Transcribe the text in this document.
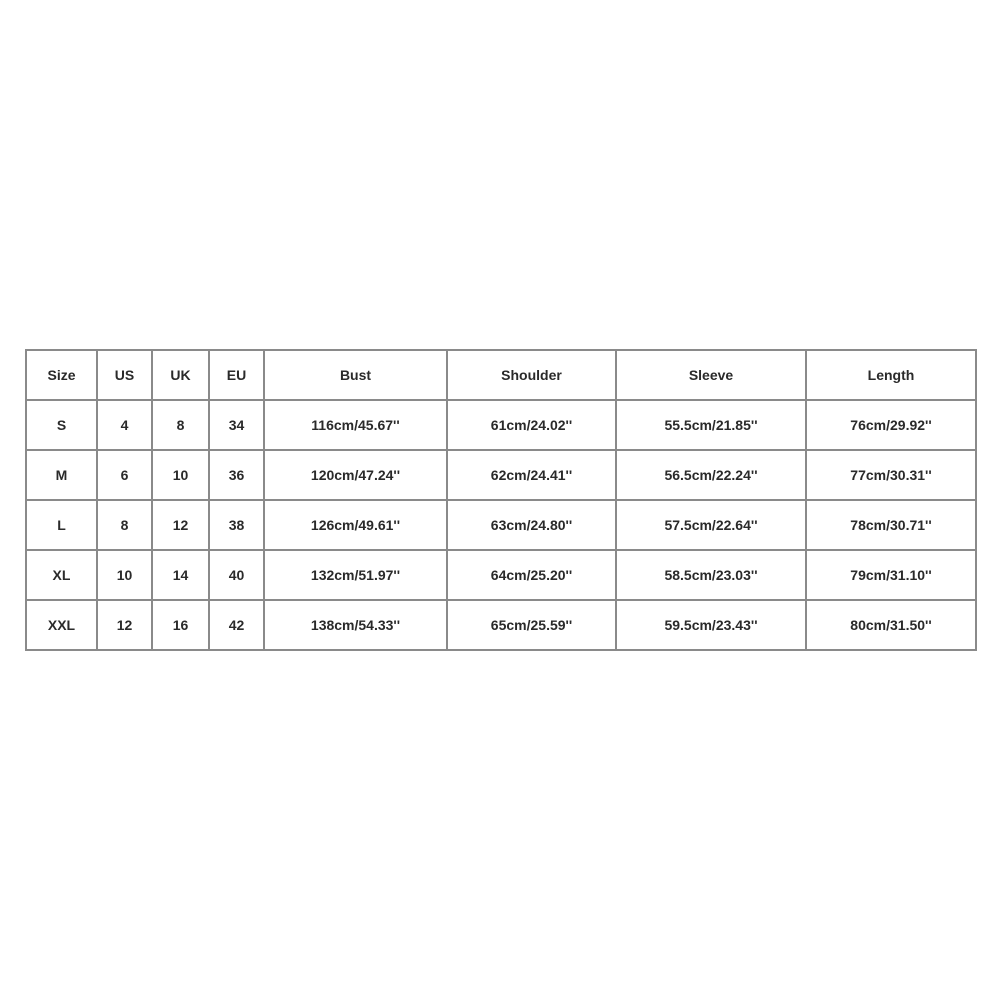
Size	US	UK	EU	Bust	Shoulder	Sleeve	Length
S	4	8	34	116cm/45.67''	61cm/24.02''	55.5cm/21.85''	76cm/29.92''
M	6	10	36	120cm/47.24''	62cm/24.41''	56.5cm/22.24''	77cm/30.31''
L	8	12	38	126cm/49.61''	63cm/24.80''	57.5cm/22.64''	78cm/30.71''
XL	10	14	40	132cm/51.97''	64cm/25.20''	58.5cm/23.03''	79cm/31.10''
XXL	12	16	42	138cm/54.33''	65cm/25.59''	59.5cm/23.43''	80cm/31.50''
